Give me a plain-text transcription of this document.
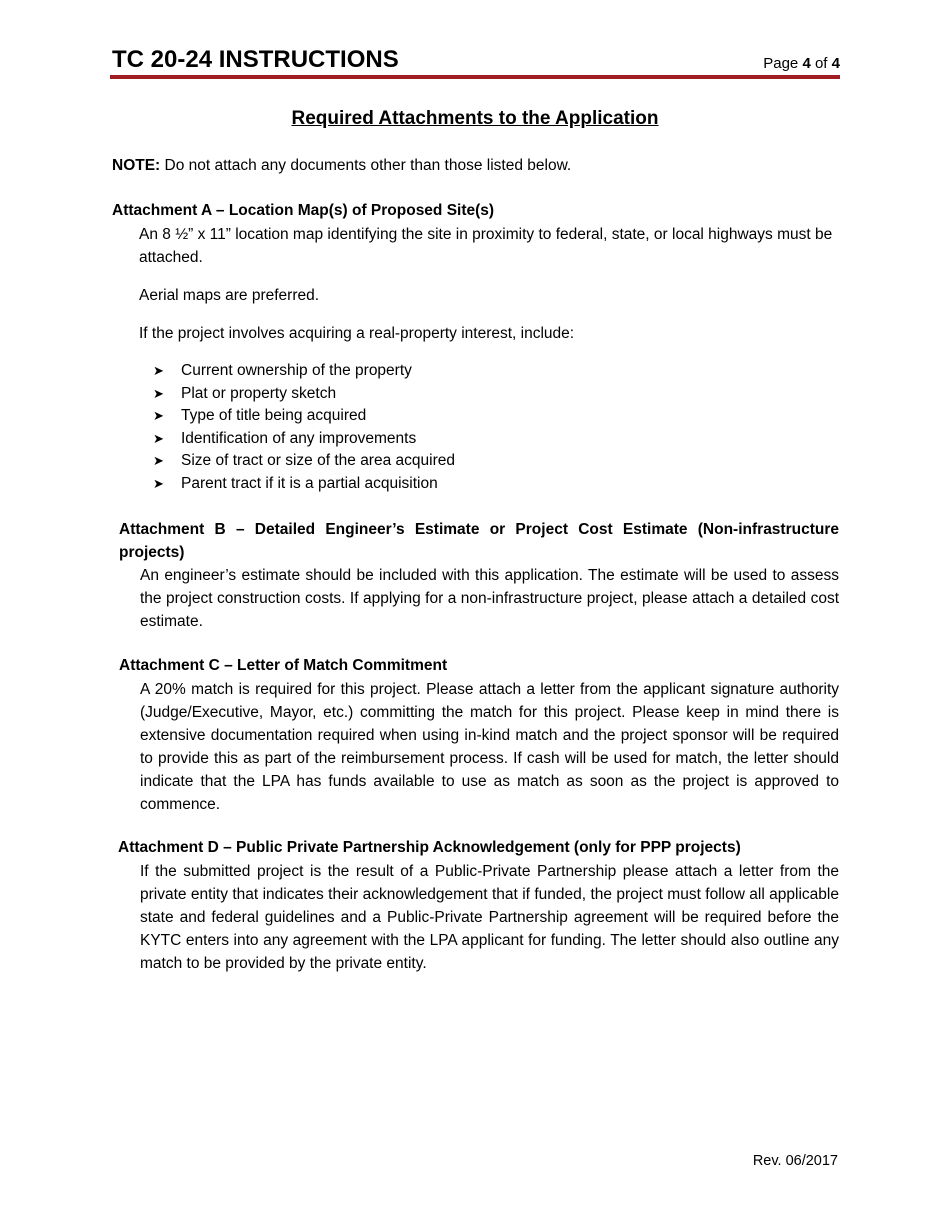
TC 20-24 INSTRUCTIONS	Page 4 of 4
Required Attachments to the Application
NOTE: Do not attach any documents other than those listed below.
Attachment A – Location Map(s) of Proposed Site(s)
An 8 ½” x 11” location map identifying the site in proximity to federal, state, or local highways must be attached.
Aerial maps are preferred.
If the project involves acquiring a real-property interest, include:
➤	Current ownership of the property
➤	Plat or property sketch
➤	Type of title being acquired
➤	Identification of any improvements
➤	Size of tract or size of the area acquired
➤	Parent tract if it is a partial acquisition
Attachment B – Detailed Engineer’s Estimate or Project Cost Estimate (Non-infrastructure projects)
An engineer’s estimate should be included with this application. The estimate will be used to assess the project construction costs. If applying for a non-infrastructure project, please attach a detailed cost estimate.
Attachment C – Letter of Match Commitment
A 20% match is required for this project. Please attach a letter from the applicant signature authority (Judge/Executive, Mayor, etc.) committing the match for this project. Please keep in mind there is extensive documentation required when using in-kind match and the project sponsor will be required to provide this as part of the reimbursement process. If cash will be used for match, the letter should indicate that the LPA has funds available to use as match as soon as the project is approved to commence.
Attachment D – Public Private Partnership Acknowledgement (only for PPP projects)
If the submitted project is the result of a Public-Private Partnership please attach a letter from the private entity that indicates their acknowledgement that if funded, the project must follow all applicable state and federal guidelines and a Public-Private Partnership agreement will be required before the KYTC enters into any agreement with the LPA applicant for funding. The letter should also outline any match to be provided by the private entity.
Rev. 06/2017
